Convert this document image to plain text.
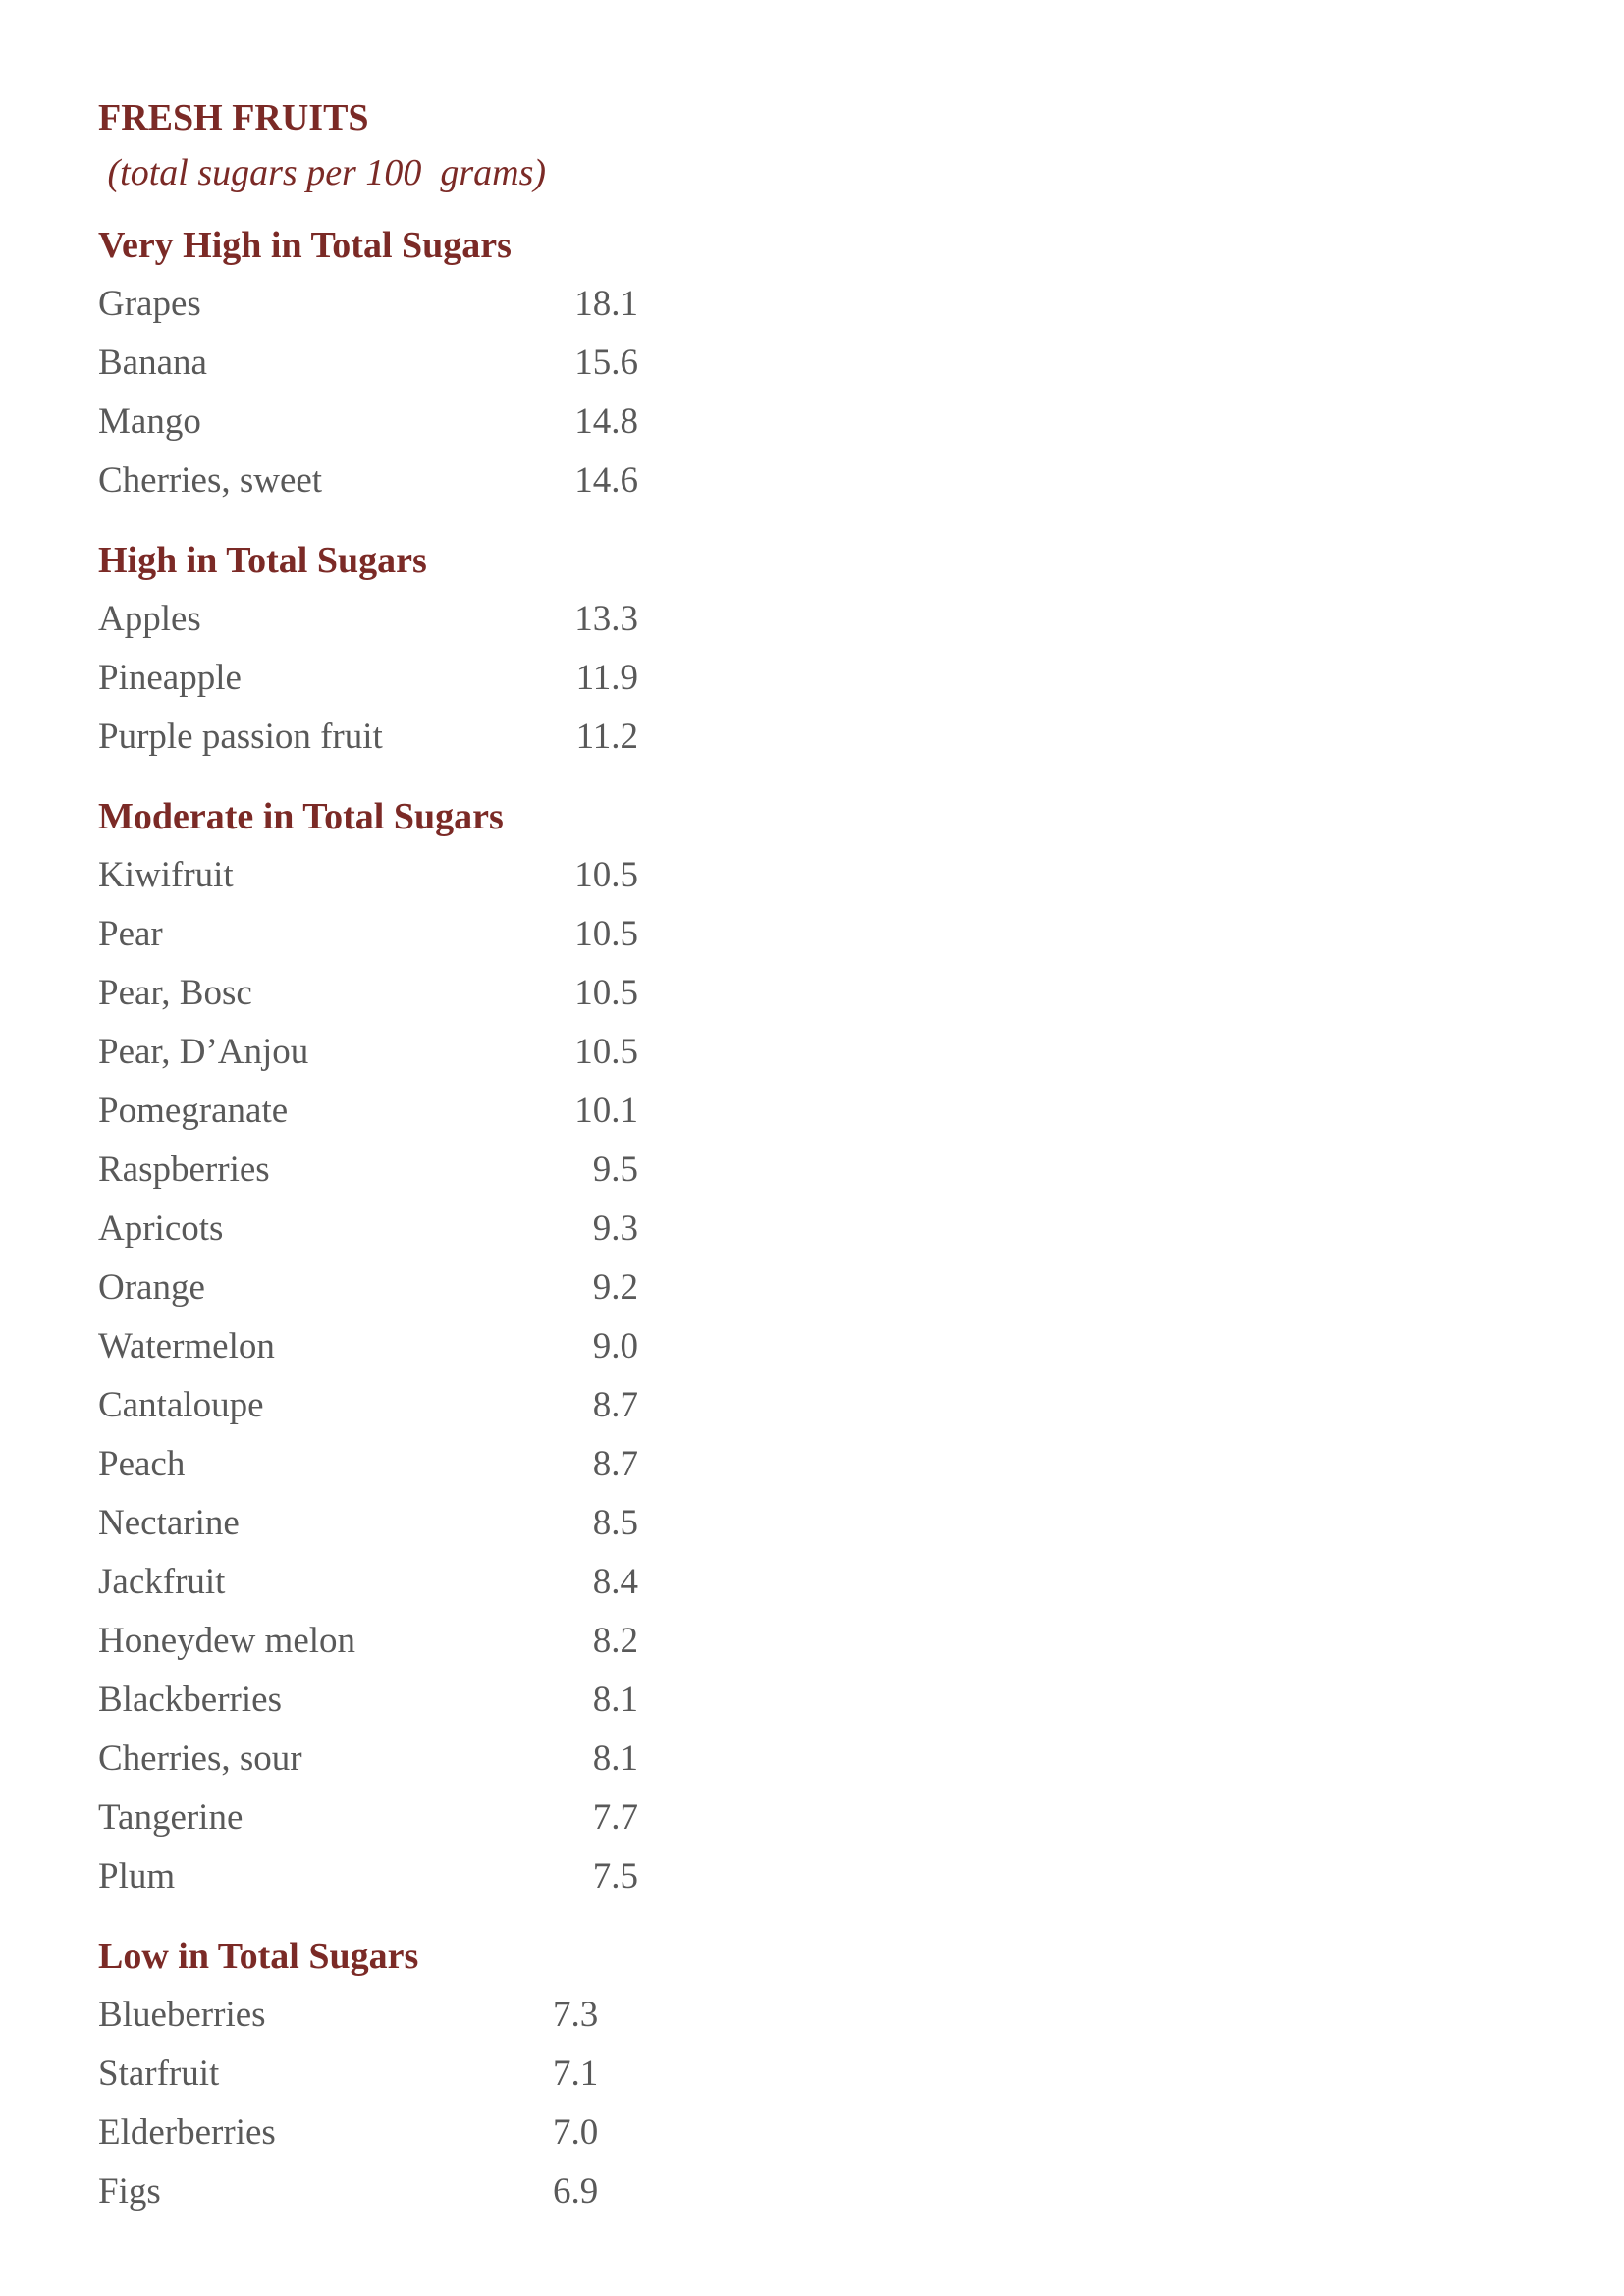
FRESH FRUITS (total sugars per 100  grams)

Very High in Total Sugars

Grapes	18.1
Banana	15.6
Mango	14.8
Cherries, sweet	14.6

High in Total Sugars

Apples	13.3
Pineapple	11.9
Purple passion fruit	11.2

Moderate in Total Sugars

Kiwifruit	10.5
Pear	10.5
Pear, Bosc	10.5
Pear, D’Anjou	10.5
Pomegranate	10.1
Raspberries	9.5
Apricots	9.3
Orange	9.2
Watermelon	9.0
Cantaloupe	8.7
Peach	8.7
Nectarine	8.5
Jackfruit	8.4
Honeydew melon	8.2
Blackberries	8.1
Cherries, sour	8.1
Tangerine	7.7
Plum	7.5

Low in Total Sugars

Blueberries	7.3
Starfruit	7.1
Elderberries	7.0
Figs	6.9
